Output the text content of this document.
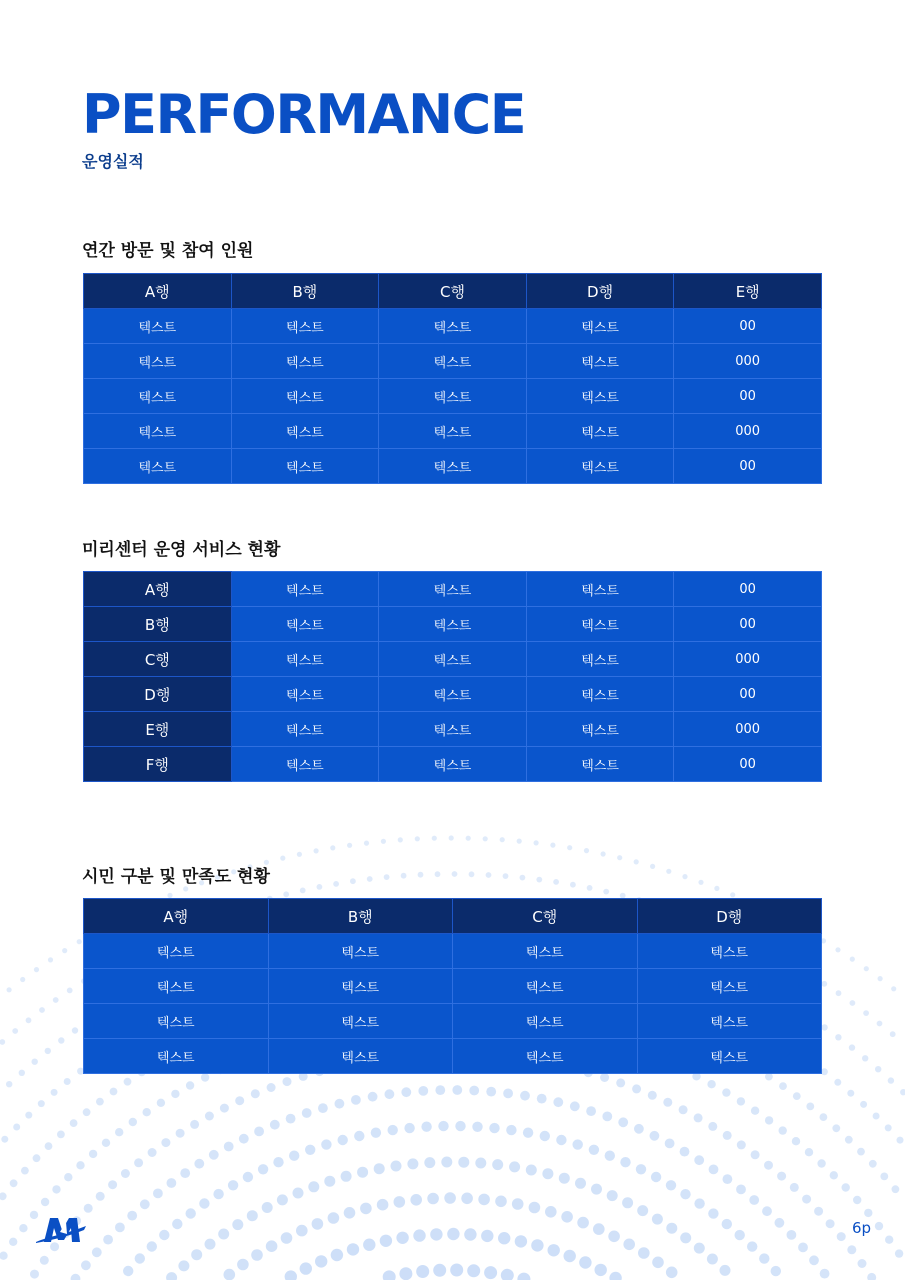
PERFORMANCE

운영실적

연간 방문 및 참여 인원
A행	B행	C행	D행	E행
텍스트	텍스트	텍스트	텍스트	00
텍스트	텍스트	텍스트	텍스트	000
텍스트	텍스트	텍스트	텍스트	00
텍스트	텍스트	텍스트	텍스트	000
텍스트	텍스트	텍스트	텍스트	00
미리센터 운영 서비스 현황
A행	텍스트	텍스트	텍스트	00
B행	텍스트	텍스트	텍스트	00
C행	텍스트	텍스트	텍스트	000
D행	텍스트	텍스트	텍스트	00
E행	텍스트	텍스트	텍스트	000
F행	텍스트	텍스트	텍스트	00
시민 구분 및 만족도 현황
A행	B행	C행	D행
텍스트	텍스트	텍스트	텍스트
텍스트	텍스트	텍스트	텍스트
텍스트	텍스트	텍스트	텍스트
텍스트	텍스트	텍스트	텍스트

6p
